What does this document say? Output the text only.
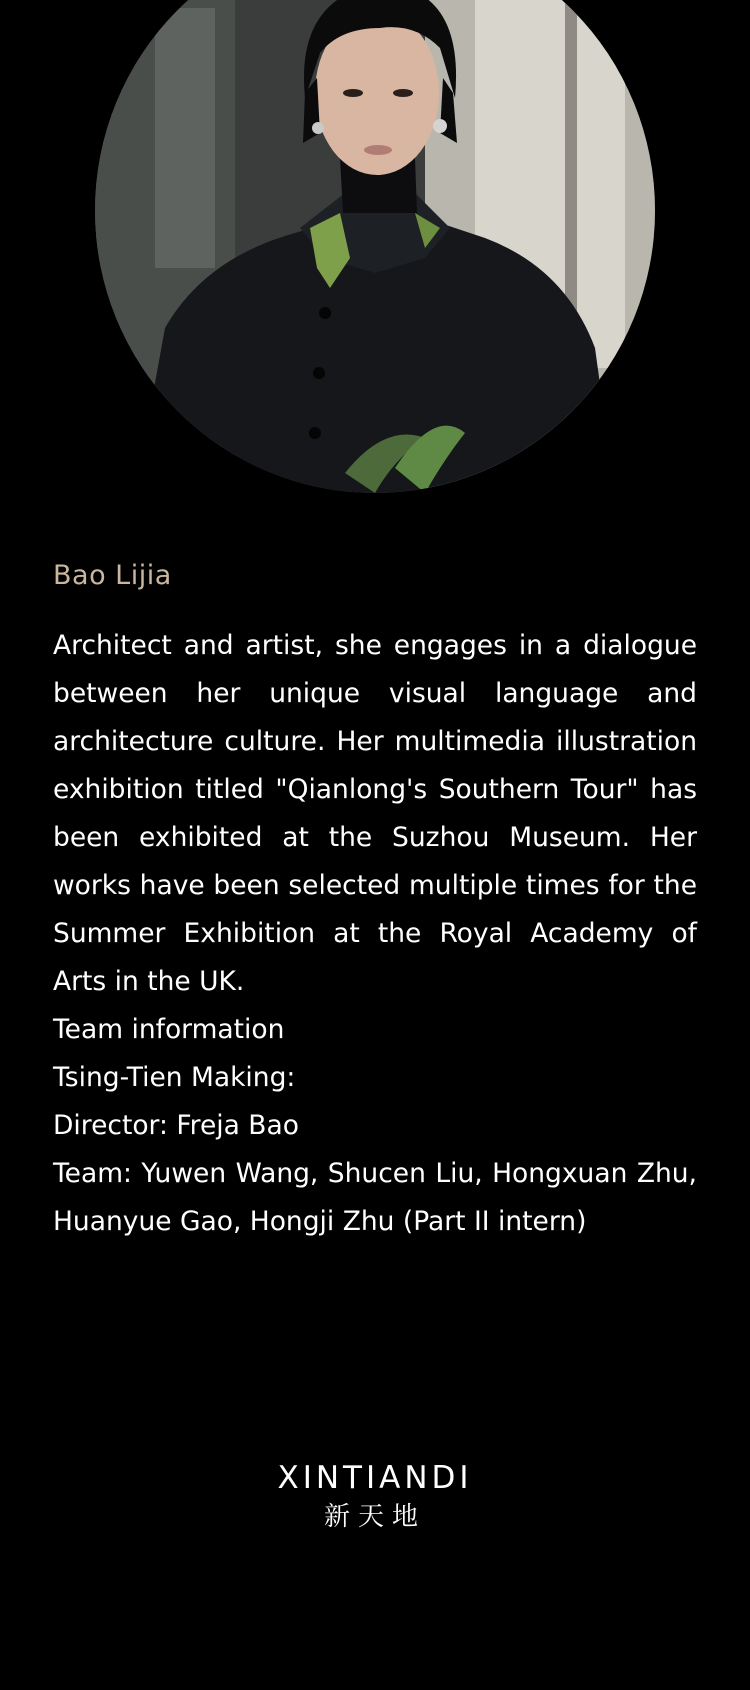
Bao Lijia

Architect and artist, she engages in a dialogue between her unique visual language and architecture culture. Her multimedia illustration exhibition titled "Qianlong's Southern Tour" has been exhibited at the Suzhou Museum. Her works have been selected multiple times for the Summer Exhibition at the Royal Academy of Arts in the UK.

Team information
Tsing-Tien Making:
Director: Freja Bao
Team: Yuwen Wang, Shucen Liu, Hongxuan Zhu, Huanyue Gao, Hongji Zhu (Part II intern)
XINTIANDI
新天地
